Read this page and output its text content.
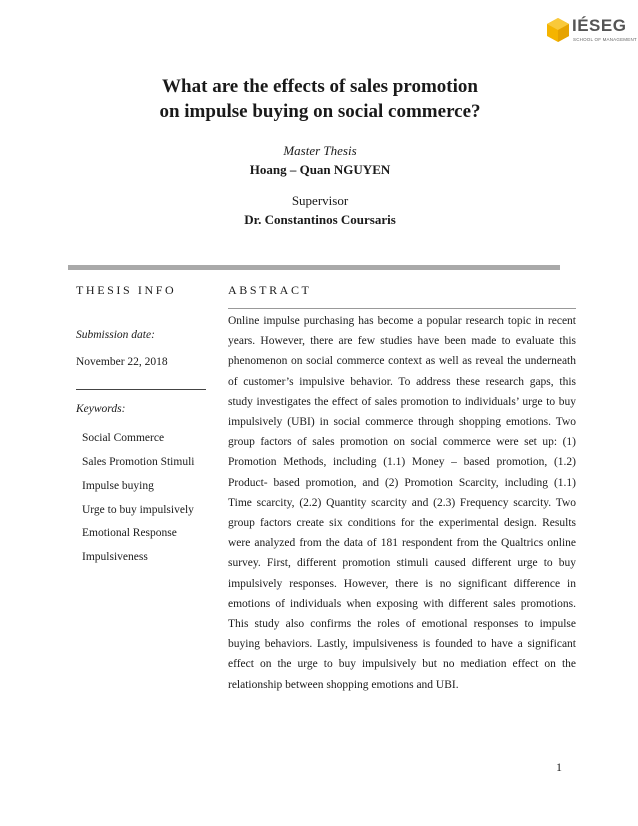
IÉSEG
SCHOOL OF MANAGEMENT
What are the effects of sales promotion
on impulse buying on social commerce?
Master Thesis
Hoang – Quan NGUYEN
Supervisor
Dr. Constantinos Coursaris
THESIS INFO
Submission date:
November 22, 2018
Keywords:
Social Commerce
Sales Promotion Stimuli
Impulse buying
Urge to buy impulsively
Emotional Response
Impulsiveness
ABSTRACT

Online impulse purchasing has become a popular research topic in recent years. However, there are few studies have been made to evaluate this phenomenon on social commerce context as well as reveal the underneath of customer’s impulsive behavior. To address these research gaps, this study investigates the effect of sales promotion to individuals’ urge to buy impulsively (UBI) in social commerce through shopping emotions. Two group factors of sales promotion on social commerce were set up: (1) Promotion Methods, including (1.1) Money – based promotion, (1.2) Product- based promotion, and (2) Promotion Scarcity, including (1.1) Time scarcity, (2.2) Quantity scarcity and (2.3) Frequency scarcity. Two group factors create six conditions for the experimental design. Results were analyzed from the data of 181 respondent from the Qualtrics online survey. First, different promotion stimuli caused different urge to buy impulsively responses. However, there is no significant difference in emotions of individuals when exposing with different sales promotions. This study also confirms the roles of emotional responses to impulse buying behaviors. Lastly, impulsiveness is founded to have a significant effect on the urge to buy impulsively but no mediation effect on the relationship between shopping emotions and UBI.

1
